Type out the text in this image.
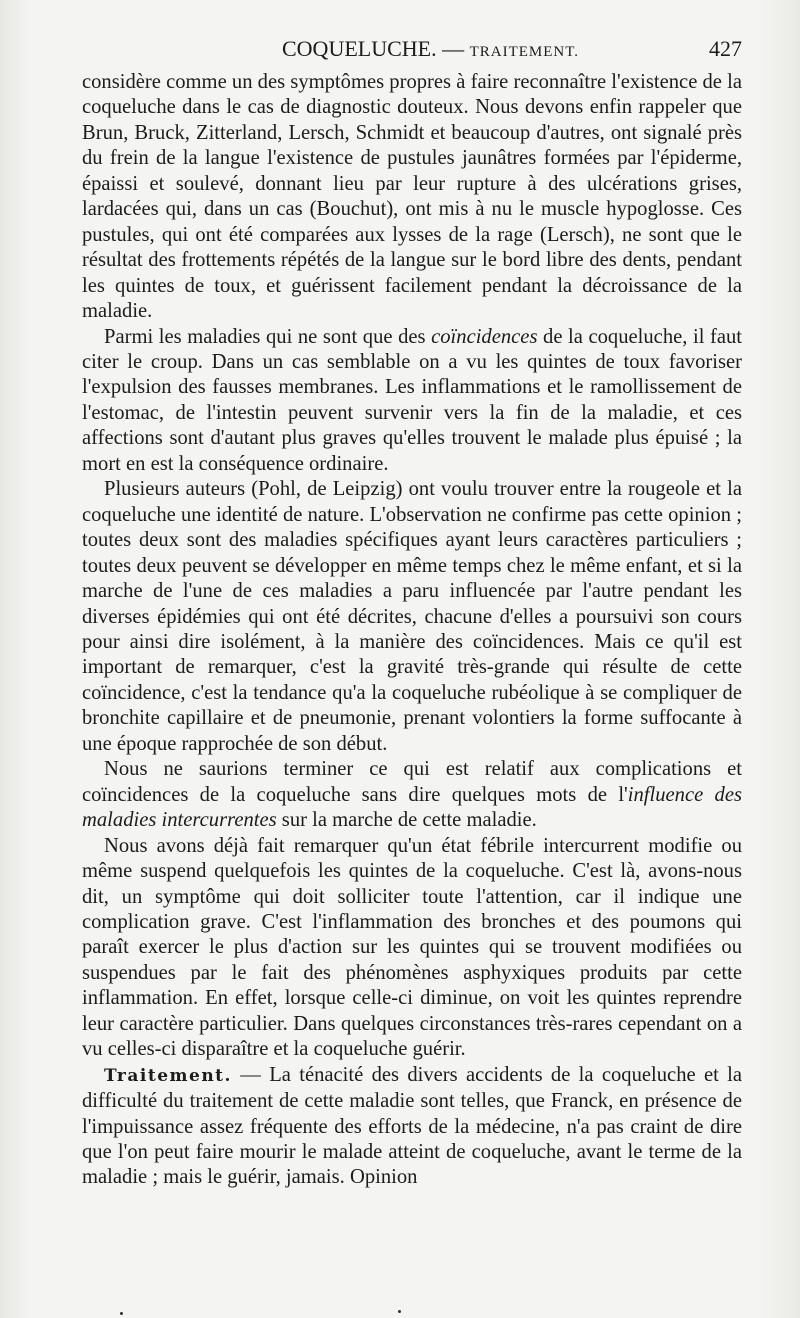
COQUELUCHE. — TRAITEMENT.	427

considère comme un des symptômes propres à faire reconnaître l'existence de la coqueluche dans le cas de diagnostic douteux. Nous devons enfin rappeler que Brun, Bruck, Zitterland, Lersch, Schmidt et beaucoup d'autres, ont signalé près du frein de la langue l'existence de pustules jaunâtres formées par l'épiderme, épaissi et soulevé, donnant lieu par leur rupture à des ulcérations grises, lardacées qui, dans un cas (Bouchut), ont mis à nu le muscle hypoglosse. Ces pustules, qui ont été comparées aux lysses de la rage (Lersch), ne sont que le résultat des frottements répétés de la langue sur le bord libre des dents, pendant les quintes de toux, et guérissent facilement pendant la décroissance de la maladie.

Parmi les maladies qui ne sont que des coïncidences de la coqueluche, il faut citer le croup. Dans un cas semblable on a vu les quintes de toux favoriser l'expulsion des fausses membranes. Les inflammations et le ramollissement de l'estomac, de l'intestin peuvent survenir vers la fin de la maladie, et ces affections sont d'autant plus graves qu'elles trouvent le malade plus épuisé ; la mort en est la conséquence ordinaire.

Plusieurs auteurs (Pohl, de Leipzig) ont voulu trouver entre la rougeole et la coqueluche une identité de nature. L'observation ne confirme pas cette opinion ; toutes deux sont des maladies spécifiques ayant leurs caractères particuliers ; toutes deux peuvent se développer en même temps chez le même enfant, et si la marche de l'une de ces maladies a paru influencée par l'autre pendant les diverses épidémies qui ont été décrites, chacune d'elles a poursuivi son cours pour ainsi dire isolément, à la manière des coïncidences. Mais ce qu'il est important de remarquer, c'est la gravité très-grande qui résulte de cette coïncidence, c'est la tendance qu'a la coqueluche rubéolique à se compliquer de bronchite capillaire et de pneumonie, prenant volontiers la forme suffocante à une époque rapprochée de son début.

Nous ne saurions terminer ce qui est relatif aux complications et coïncidences de la coqueluche sans dire quelques mots de l'influence des maladies intercurrentes sur la marche de cette maladie.

Nous avons déjà fait remarquer qu'un état fébrile intercurrent modifie ou même suspend quelquefois les quintes de la coqueluche. C'est là, avons-nous dit, un symptôme qui doit solliciter toute l'attention, car il indique une complication grave. C'est l'inflammation des bronches et des poumons qui paraît exercer le plus d'action sur les quintes qui se trouvent modifiées ou suspendues par le fait des phénomènes asphyxiques produits par cette inflammation. En effet, lorsque celle-ci diminue, on voit les quintes reprendre leur caractère particulier. Dans quelques circonstances très-rares cependant on a vu celles-ci disparaître et la coqueluche guérir.

Traitement. — La ténacité des divers accidents de la coqueluche et la difficulté du traitement de cette maladie sont telles, que Franck, en présence de l'impuissance assez fréquente des efforts de la médecine, n'a pas craint de dire que l'on peut faire mourir le malade atteint de coqueluche, avant le terme de la maladie ; mais le guérir, jamais. Opinion
